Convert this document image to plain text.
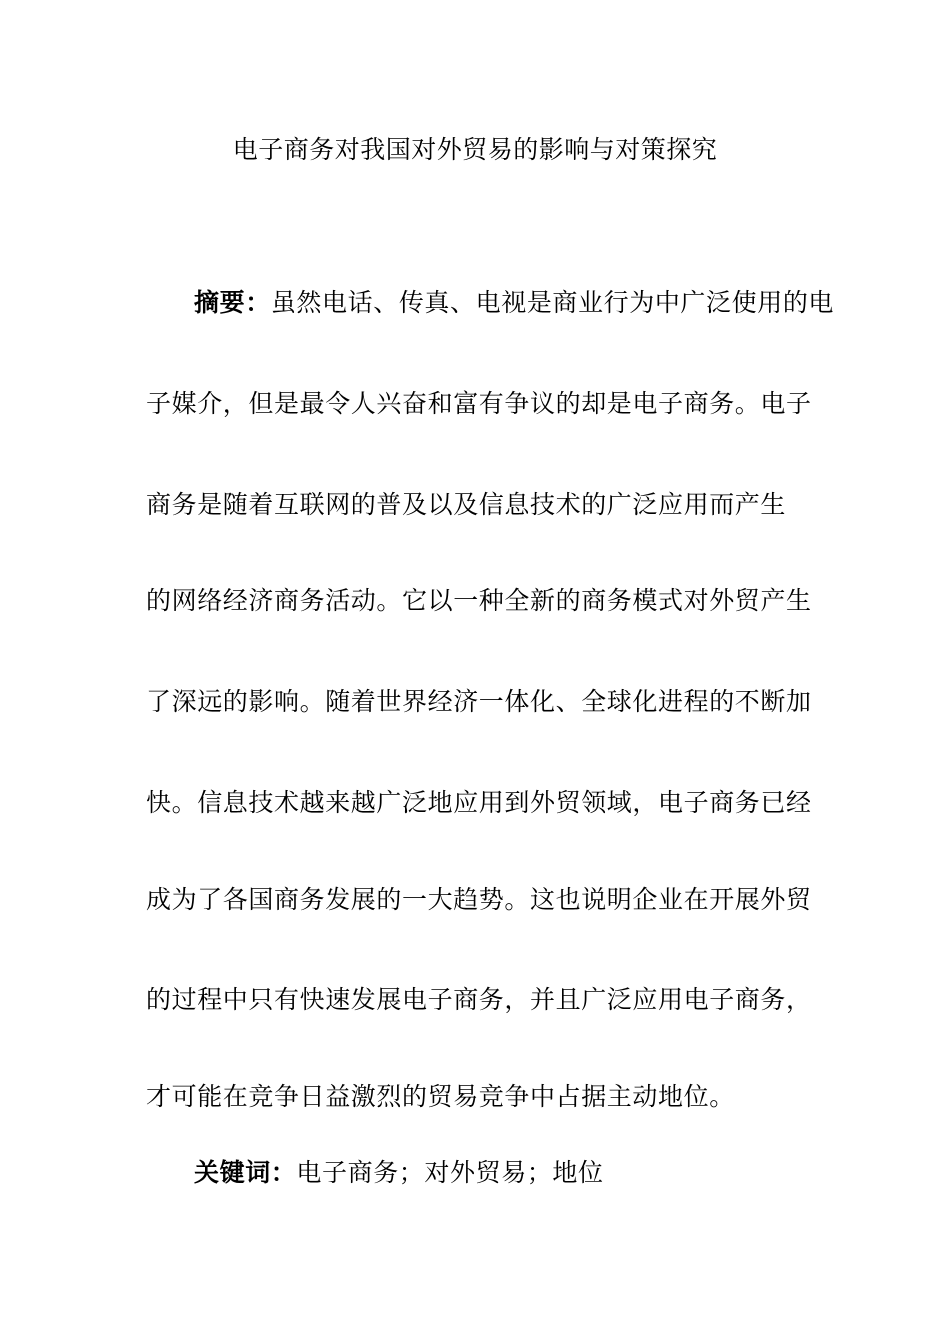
电子商务对我国对外贸易的影响与对策探究
摘要：虽然电话、传真、电视是商业行为中广泛使用的电
子媒介，但是最令人兴奋和富有争议的却是电子商务。电子
商务是随着互联网的普及以及信息技术的广泛应用而产生
的网络经济商务活动。它以一种全新的商务模式对外贸产生
了深远的影响。随着世界经济一体化、全球化进程的不断加
快。信息技术越来越广泛地应用到外贸领域，电子商务已经
成为了各国商务发展的一大趋势。这也说明企业在开展外贸
的过程中只有快速发展电子商务，并且广泛应用电子商务，
才可能在竞争日益激烈的贸易竞争中占据主动地位。
关键词：电子商务；对外贸易；地位
